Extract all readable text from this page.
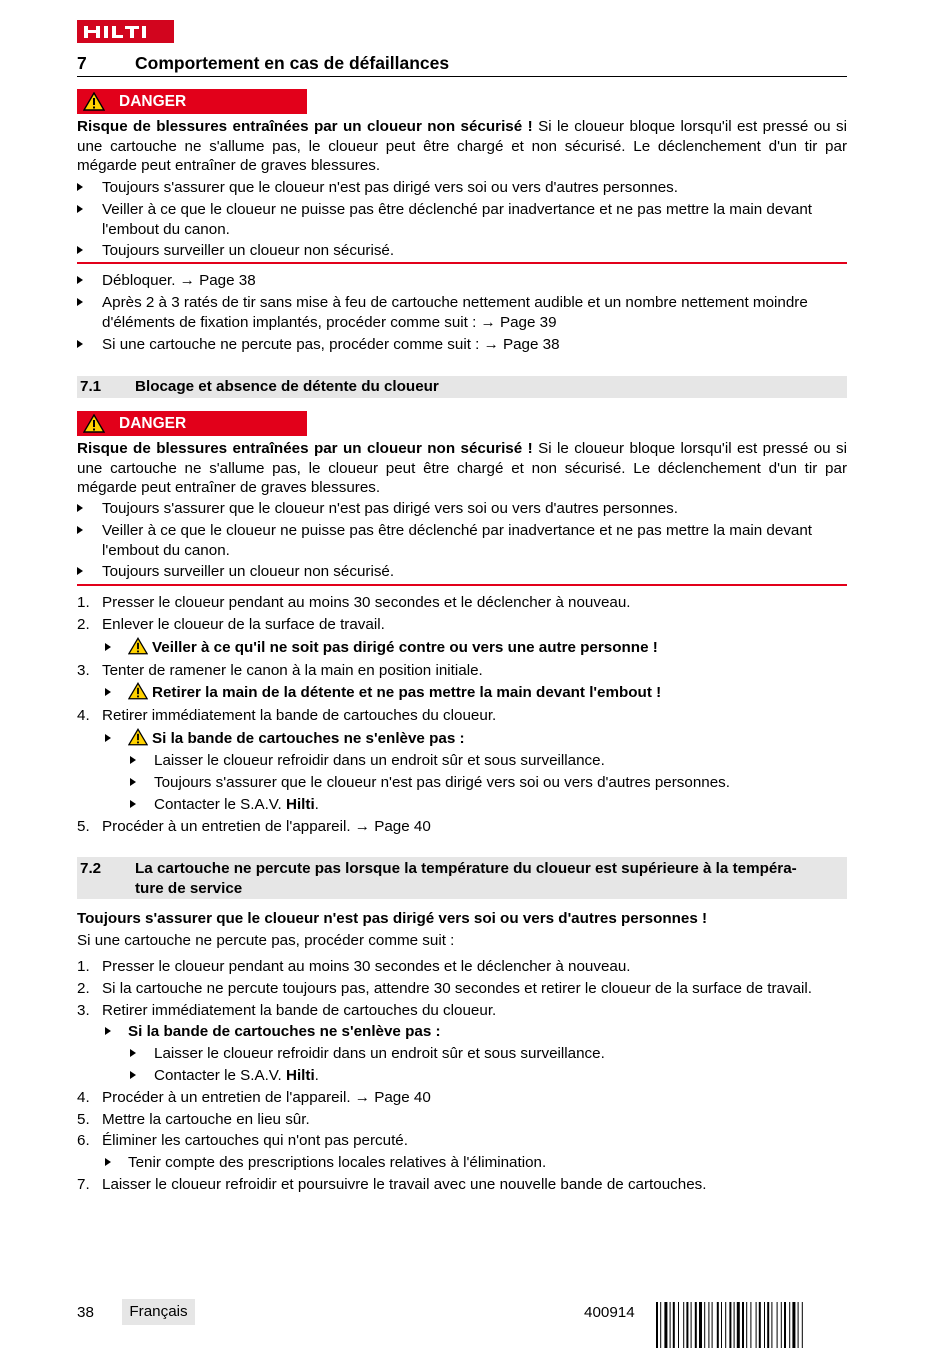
7	Comportement en cas de défaillances
DANGER
Risque de blessures entraînées par un cloueur non sécurisé ! Si le cloueur bloque lorsqu'il est pressé ou si une cartouche ne s'allume pas, le cloueur peut être chargé et non sécurisé. Le déclenchement d'un tir par mégarde peut entraîner de graves blessures.
Toujours s'assurer que le cloueur n'est pas dirigé vers soi ou vers d'autres personnes.
Veiller à ce que le cloueur ne puisse pas être déclenché par inadvertance et ne pas mettre la main devant l'embout du canon.
Toujours surveiller un cloueur non sécurisé.
Débloquer. → Page 38
Après 2 à 3 ratés de tir sans mise à feu de cartouche nettement audible et un nombre nettement moindre d'éléments de fixation implantés, procéder comme suit : → Page 39
Si une cartouche ne percute pas, procéder comme suit : → Page 38
7.1 Blocage et absence de détente du cloueur
DANGER
Risque de blessures entraînées par un cloueur non sécurisé ! Si le cloueur bloque lorsqu'il est pressé ou si une cartouche ne s'allume pas, le cloueur peut être chargé et non sécurisé. Le déclenchement d'un tir par mégarde peut entraîner de graves blessures.
Toujours s'assurer que le cloueur n'est pas dirigé vers soi ou vers d'autres personnes.
Veiller à ce que le cloueur ne puisse pas être déclenché par inadvertance et ne pas mettre la main devant l'embout du canon.
Toujours surveiller un cloueur non sécurisé.
1. Presser le cloueur pendant au moins 30 secondes et le déclencher à nouveau.
2. Enlever le cloueur de la surface de travail.
Veiller à ce qu'il ne soit pas dirigé contre ou vers une autre personne !
3. Tenter de ramener le canon à la main en position initiale.
Retirer la main de la détente et ne pas mettre la main devant l'embout !
4. Retirer immédiatement la bande de cartouches du cloueur.
Si la bande de cartouches ne s'enlève pas :
Laisser le cloueur refroidir dans un endroit sûr et sous surveillance.
Toujours s'assurer que le cloueur n'est pas dirigé vers soi ou vers d'autres personnes.
Contacter le S.A.V. Hilti.
5. Procéder à un entretien de l'appareil. → Page 40
7.2 La cartouche ne percute pas lorsque la température du cloueur est supérieure à la tempéra-
ture de service
Toujours s'assurer que le cloueur n'est pas dirigé vers soi ou vers d'autres personnes !
Si une cartouche ne percute pas, procéder comme suit :
1. Presser le cloueur pendant au moins 30 secondes et le déclencher à nouveau.
2. Si la cartouche ne percute toujours pas, attendre 30 secondes et retirer le cloueur de la surface de travail.
3. Retirer immédiatement la bande de cartouches du cloueur.
Si la bande de cartouches ne s'enlève pas :
Laisser le cloueur refroidir dans un endroit sûr et sous surveillance.
Contacter le S.A.V. Hilti.
4. Procéder à un entretien de l'appareil. → Page 40
5. Mettre la cartouche en lieu sûr.
6. Éliminer les cartouches qui n'ont pas percuté.
Tenir compte des prescriptions locales relatives à l'élimination.
7. Laisser le cloueur refroidir et poursuivre le travail avec une nouvelle bande de cartouches.
38	Français	400914
